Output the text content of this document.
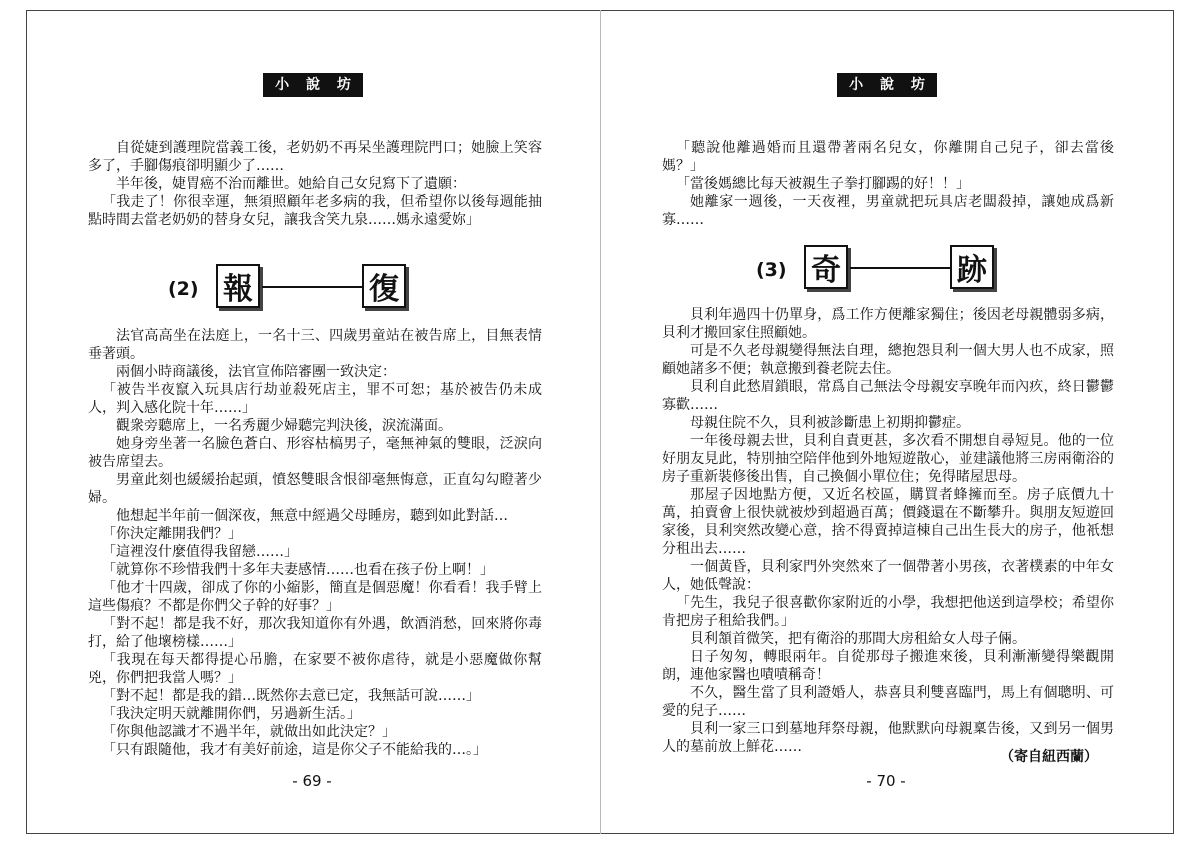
小 說 坊

自從婕到護理院當義工後，老奶奶不再呆坐護理院門口；她臉上笑容多了，手腳傷痕卻明顯少了……

半年後，婕胃癌不治而離世。她給自己女兒寫下了遺願：

「我走了！你很幸運，無須照顧年老多病的我，但希望你以後每週能抽點時間去當老奶奶的替身女兒，讓我含笑九泉……媽永遠愛妳」

(2) 報	復

法官高高坐在法庭上，一名十三、四歲男童站在被告席上，目無表情垂著頭。

兩個小時商議後，法官宣佈陪審團一致決定：

「被告半夜竄入玩具店行劫並殺死店主，罪不可恕；基於被告仍未成人，判入感化院十年……」

觀衆旁聽席上，一名秀麗少婦聽完判決後，淚流滿面。

她身旁坐著一名臉色蒼白、形容枯槁男子，毫無神氣的雙眼，泛淚向被告席望去。

男童此刻也緩緩抬起頭，憤怒雙眼含恨卻毫無悔意，正直勾勾瞪著少婦。

他想起半年前一個深夜，無意中經過父母睡房，聽到如此對話…

「你決定離開我們？」

「這裡沒什麼值得我留戀……」

「就算你不珍惜我們十多年夫妻感情……也看在孩子份上啊！」

「他才十四歲，卻成了你的小縮影，簡直是個惡魔！你看看！我手臂上這些傷痕？不都是你們父子幹的好事？」

「對不起！都是我不好，那次我知道你有外遇，飲酒消愁，回來將你毒打，給了他壞榜樣……」

「我現在每天都得提心吊膽，在家要不被你虐待，就是小惡魔做你幫兇，你們把我當人嗎？」

「對不起！都是我的錯…既然你去意已定，我無話可說……」

「我決定明天就離開你們，另過新生活。」

「你與他認識才不過半年，就做出如此決定？」

「只有跟隨他，我才有美好前途，這是你父子不能給我的…。」

- 69 -
小 說 坊

「聽說他離過婚而且還帶著兩名兒女，你離開自己兒子，卻去當後媽？」

「當後媽總比每天被親生子拳打腳踢的好！！」

她離家一週後，一天夜裡，男童就把玩具店老闆殺掉，讓她成爲新寡……

(3) 奇	跡

貝利年過四十仍單身，爲工作方便離家獨住；後因老母親體弱多病，貝利才搬回家住照顧她。

可是不久老母親變得無法自理，總抱怨貝利一個大男人也不成家，照顧她諸多不便；執意搬到養老院去住。

貝利自此愁眉鎖眼，常爲自己無法令母親安享晚年而內疚，終日鬱鬱寡歡……

母親住院不久，貝利被診斷患上初期抑鬱症。

一年後母親去世，貝利自責更甚，多次看不開想自尋短見。他的一位好朋友見此，特別抽空陪伴他到外地短遊散心，並建議他將三房兩衛浴的房子重新裝修後出售，自己換個小單位住；免得睹屋思母。

那屋子因地點方便，又近名校區，購買者蜂擁而至。房子底價九十萬，拍賣會上很快就被炒到超過百萬；價錢還在不斷攀升。與朋友短遊回家後，貝利突然改變心意，捨不得賣掉這棟自己出生長大的房子，他衹想分租出去……

一個黃昏，貝利家門外突然來了一個帶著小男孩，衣著樸素的中年女人，她低聲說：

「先生，我兒子很喜歡你家附近的小學，我想把他送到這學校；希望你肯把房子租給我們。」

貝利頷首微笑，把有衛浴的那間大房租給女人母子倆。

日子匆匆，轉眼兩年。自從那母子搬進來後，貝利漸漸變得樂觀開朗，連他家醫也嘖嘖稱奇！

不久，醫生當了貝利證婚人，恭喜貝利雙喜臨門，馬上有個聰明、可愛的兒子……

貝利一家三口到墓地拜祭母親，他默默向母親稟告後，又到另一個男人的墓前放上鮮花……

（寄自紐西蘭）
- 70 -
